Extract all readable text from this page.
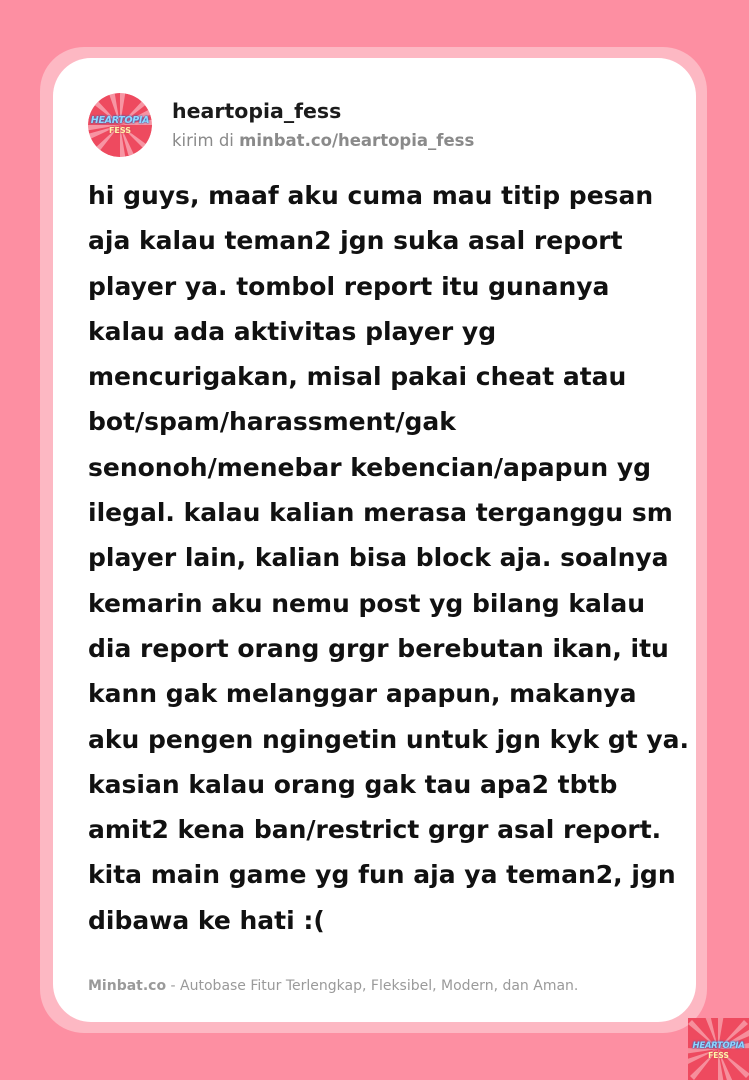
HEARTOPIA
FESS
heartopia_fess
kirim di minbat.co/heartopia_fess
hi guys, maaf aku cuma mau titip pesan
aja kalau teman2 jgn suka asal report
player ya. tombol report itu gunanya
kalau ada aktivitas player yg
mencurigakan, misal pakai cheat atau
bot/spam/harassment/gak
senonoh/menebar kebencian/apapun yg
ilegal. kalau kalian merasa terganggu sm
player lain, kalian bisa block aja. soalnya
kemarin aku nemu post yg bilang kalau
dia report orang grgr berebutan ikan, itu
kann gak melanggar apapun, makanya
aku pengen ngingetin untuk jgn kyk gt ya.
kasian kalau orang gak tau apa2 tbtb
amit2 kena ban/restrict grgr asal report.
kita main game yg fun aja ya teman2, jgn
dibawa ke hati :(
Minbat.co - Autobase Fitur Terlengkap, Fleksibel, Modern, dan Aman.
HEARTOPIA
FESS
